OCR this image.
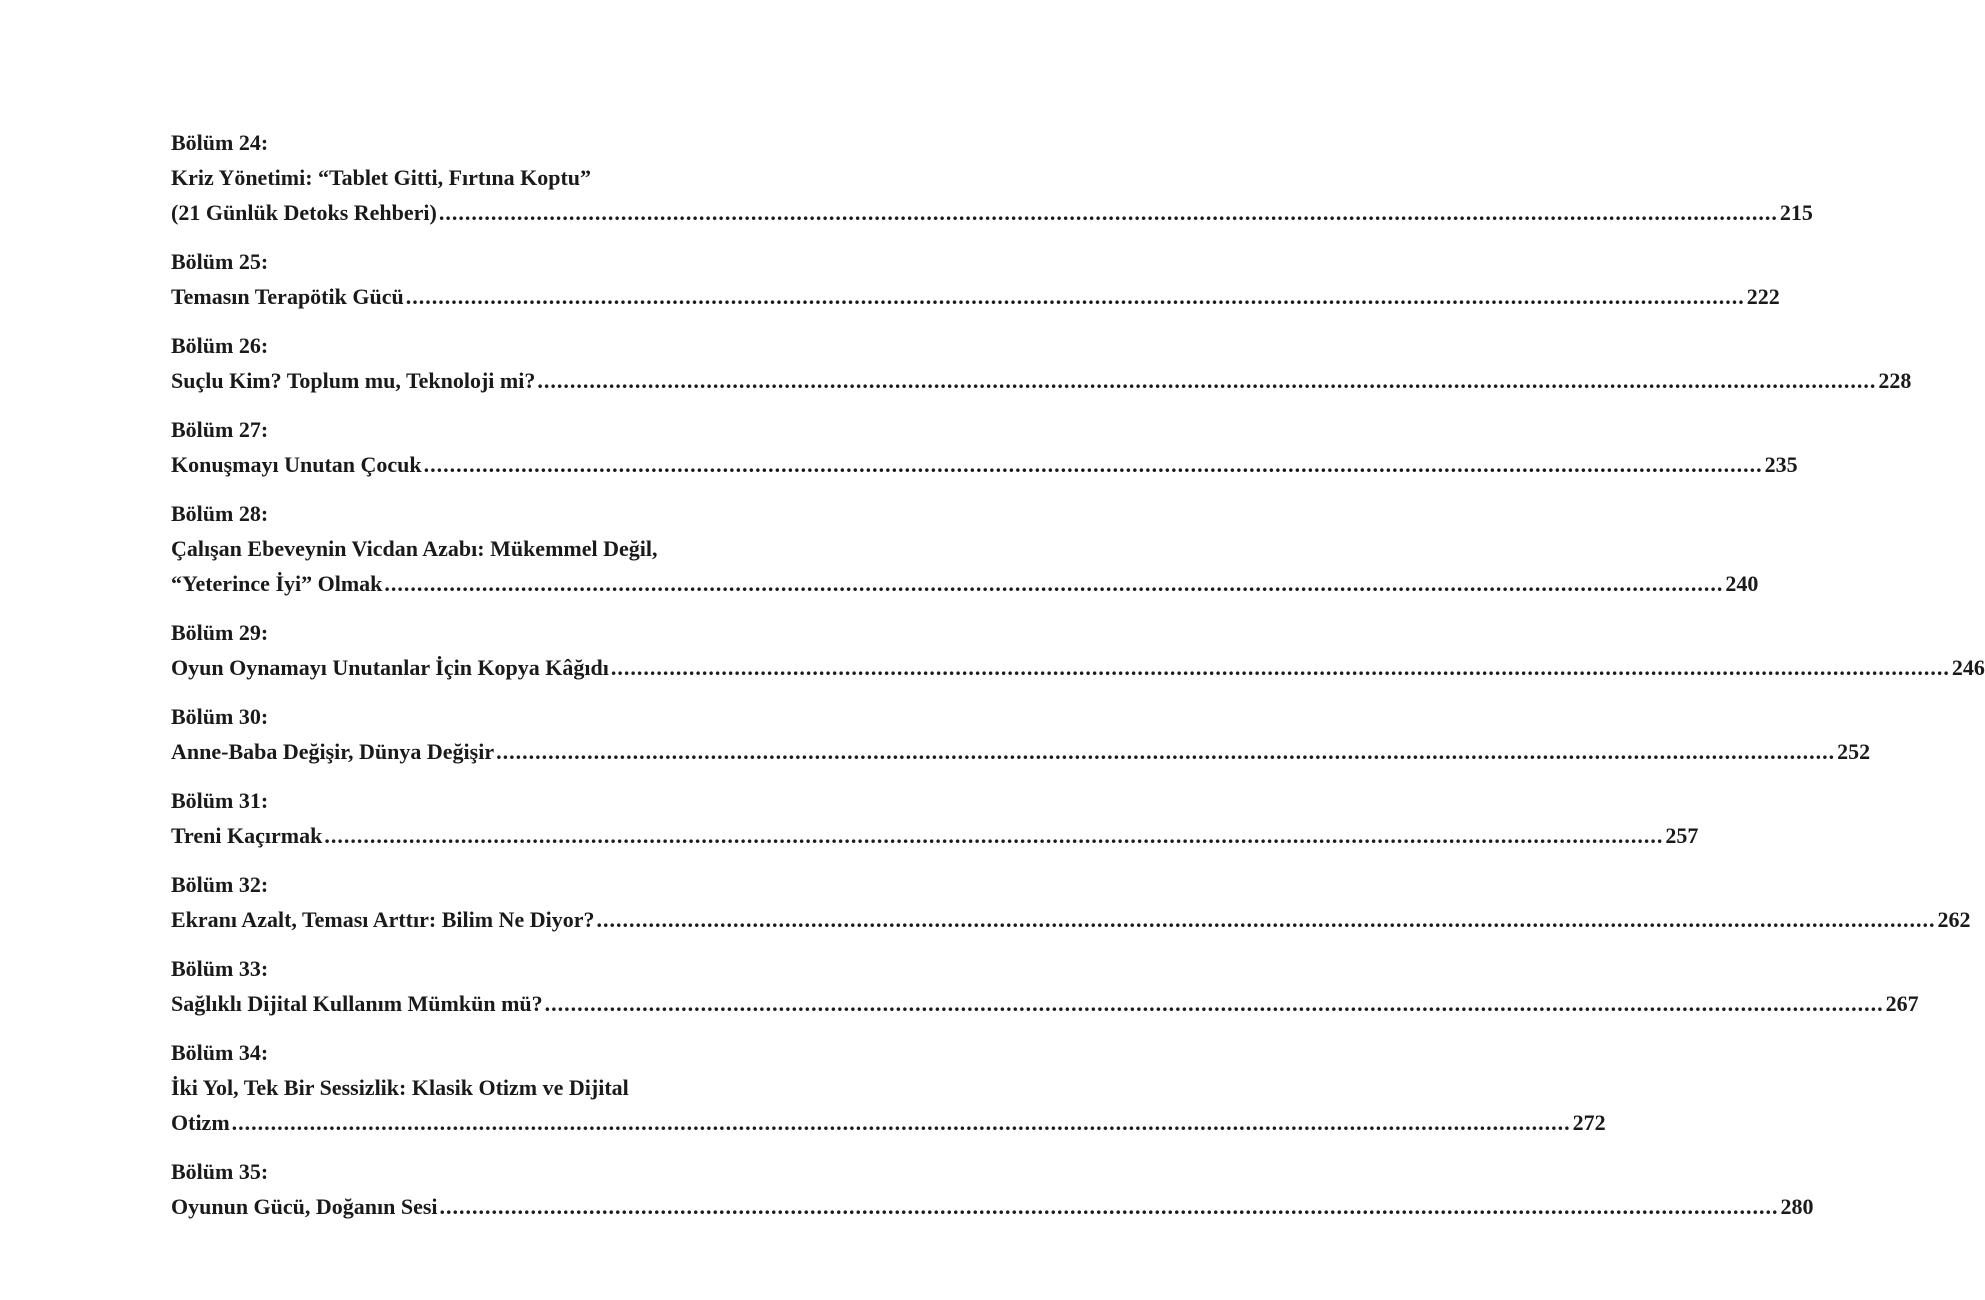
Bölüm 24:
Kriz Yönetimi: “Tablet Gitti, Fırtına Koptu”
(21 Günlük Detoks Rehberi) .............................................................................................................................................................................................................. 215
Bölüm 25:
Temasın Terapötik Gücü .............................................................................................................................................................................................................. 222
Bölüm 26:
Suçlu Kim? Toplum mu, Teknoloji mi? .............................................................................................................................................................................................................. 228
Bölüm 27:
Konuşmayı Unutan Çocuk .............................................................................................................................................................................................................. 235
Bölüm 28:
Çalışan Ebeveynin Vicdan Azabı: Mükemmel Değil,
“Yeterince İyi” Olmak .............................................................................................................................................................................................................. 240
Bölüm 29:
Oyun Oynamayı Unutanlar İçin Kopya Kâğıdı .............................................................................................................................................................................................................. 246
Bölüm 30:
Anne-Baba Değişir, Dünya Değişir .............................................................................................................................................................................................................. 252
Bölüm 31:
Treni Kaçırmak .............................................................................................................................................................................................................. 257
Bölüm 32:
Ekranı Azalt, Teması Arttır: Bilim Ne Diyor? .............................................................................................................................................................................................................. 262
Bölüm 33:
Sağlıklı Dijital Kullanım Mümkün mü? .............................................................................................................................................................................................................. 267
Bölüm 34:
İki Yol, Tek Bir Sessizlik: Klasik Otizm ve Dijital
Otizm .............................................................................................................................................................................................................. 272
Bölüm 35:
Oyunun Gücü, Doğanın Sesi .............................................................................................................................................................................................................. 280
